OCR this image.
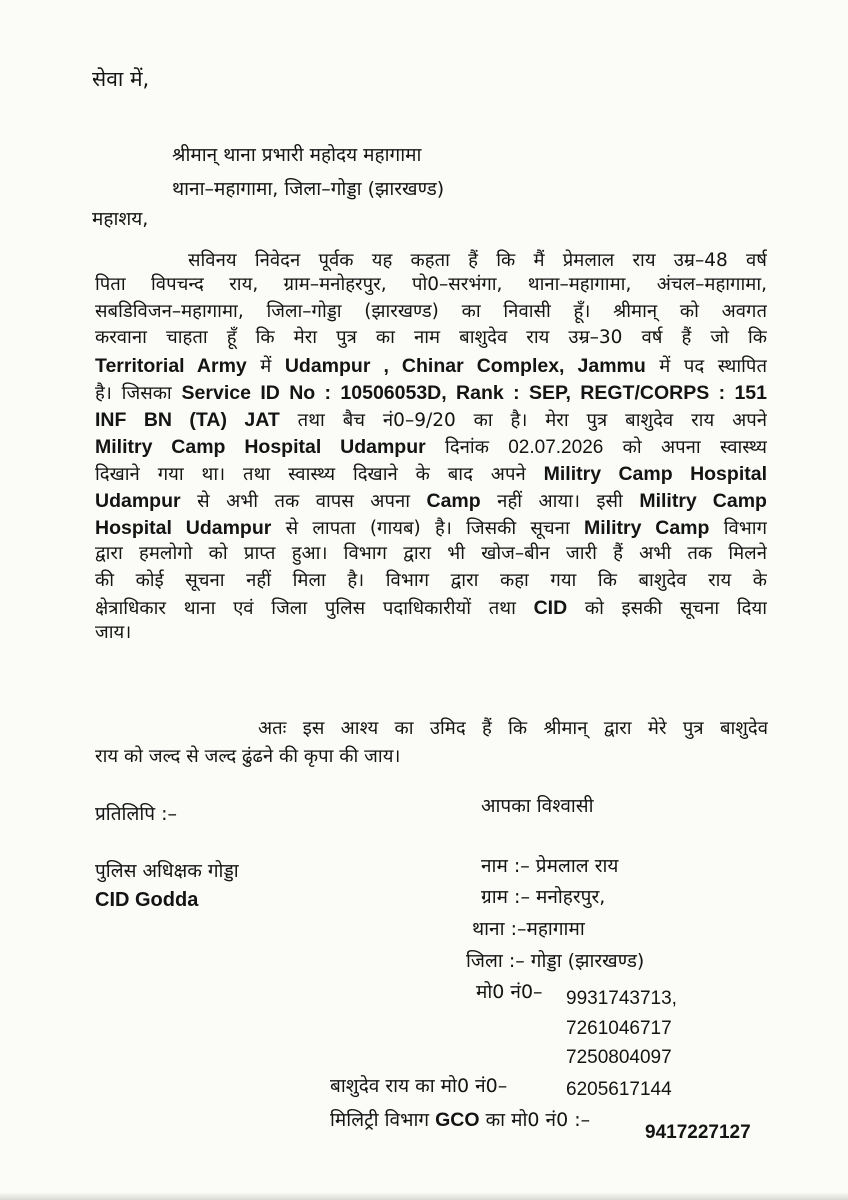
सेवा में,
श्रीमान् थाना प्रभारी महोदय महागामा
थाना–महागामा, जिला–गोड्डा (झारखण्ड)
महाशय,
सविनय निवेदन पूर्वक यह कहता हैं कि मैं प्रेमलाल राय उम्र–48 वर्ष
पिता विपचन्द राय, ग्राम–मनोहरपुर, पो0–सरभंगा, थाना–महागामा, अंचल–महागामा,
सबडिविजन–महागामा, जिला–गोड्डा (झारखण्ड) का निवासी हूँ। श्रीमान् को अवगत
करवाना चाहता हूँ कि मेरा पुत्र का नाम बाशुदेव राय उम्र–30 वर्ष हैं जो कि
Territorial Army में Udampur , Chinar Complex, Jammu में पद स्थापित
है। जिसका Service ID No : 10506053D, Rank : SEP, REGT/CORPS : 151
INF BN (TA) JAT तथा बैच नं0–9/20 का है। मेरा पुत्र बाशुदेव राय अपने
Militry Camp Hospital Udampur दिनांक 02.07.2026 को अपना स्वास्थ्य
दिखाने गया था। तथा स्वास्थ्य दिखाने के बाद अपने Militry Camp Hospital
Udampur से अभी तक वापस अपना Camp नहीं आया। इसी Militry Camp
Hospital Udampur से लापता (गायब) है। जिसकी सूचना Militry Camp विभाग
द्वारा हमलोगो को प्राप्त हुआ। विभाग द्वारा भी खोज–बीन जारी हैं अभी तक मिलने
की कोई सूचना नहीं मिला है। विभाग द्वारा कहा गया कि बाशुदेव राय के
क्षेत्राधिकार थाना एवं जिला पुलिस पदाधिकारीयों तथा CID को इसकी सूचना दिया
जाय।
अतः इस आश्य का उमिद हैं कि श्रीमान् द्वारा मेरे पुत्र बाशुदेव
राय को जल्द से जल्द ढुंढने की कृपा की जाय।
प्रतिलिपि :–
पुलिस अधिक्षक गोड्डा
CID Godda
आपका विश्वासी
नाम :– प्रेमलाल राय
ग्राम :– मनोहरपुर,
थाना :–महागामा
जिला :– गोड्डा (झारखण्ड)
मो0 नं0– 9931743713,
7261046717
7250804097
बाशुदेव राय का मो0 नं0–	6205617144
मिलिट्री विभाग GCO का मो0 नं0 :–
9417227127
